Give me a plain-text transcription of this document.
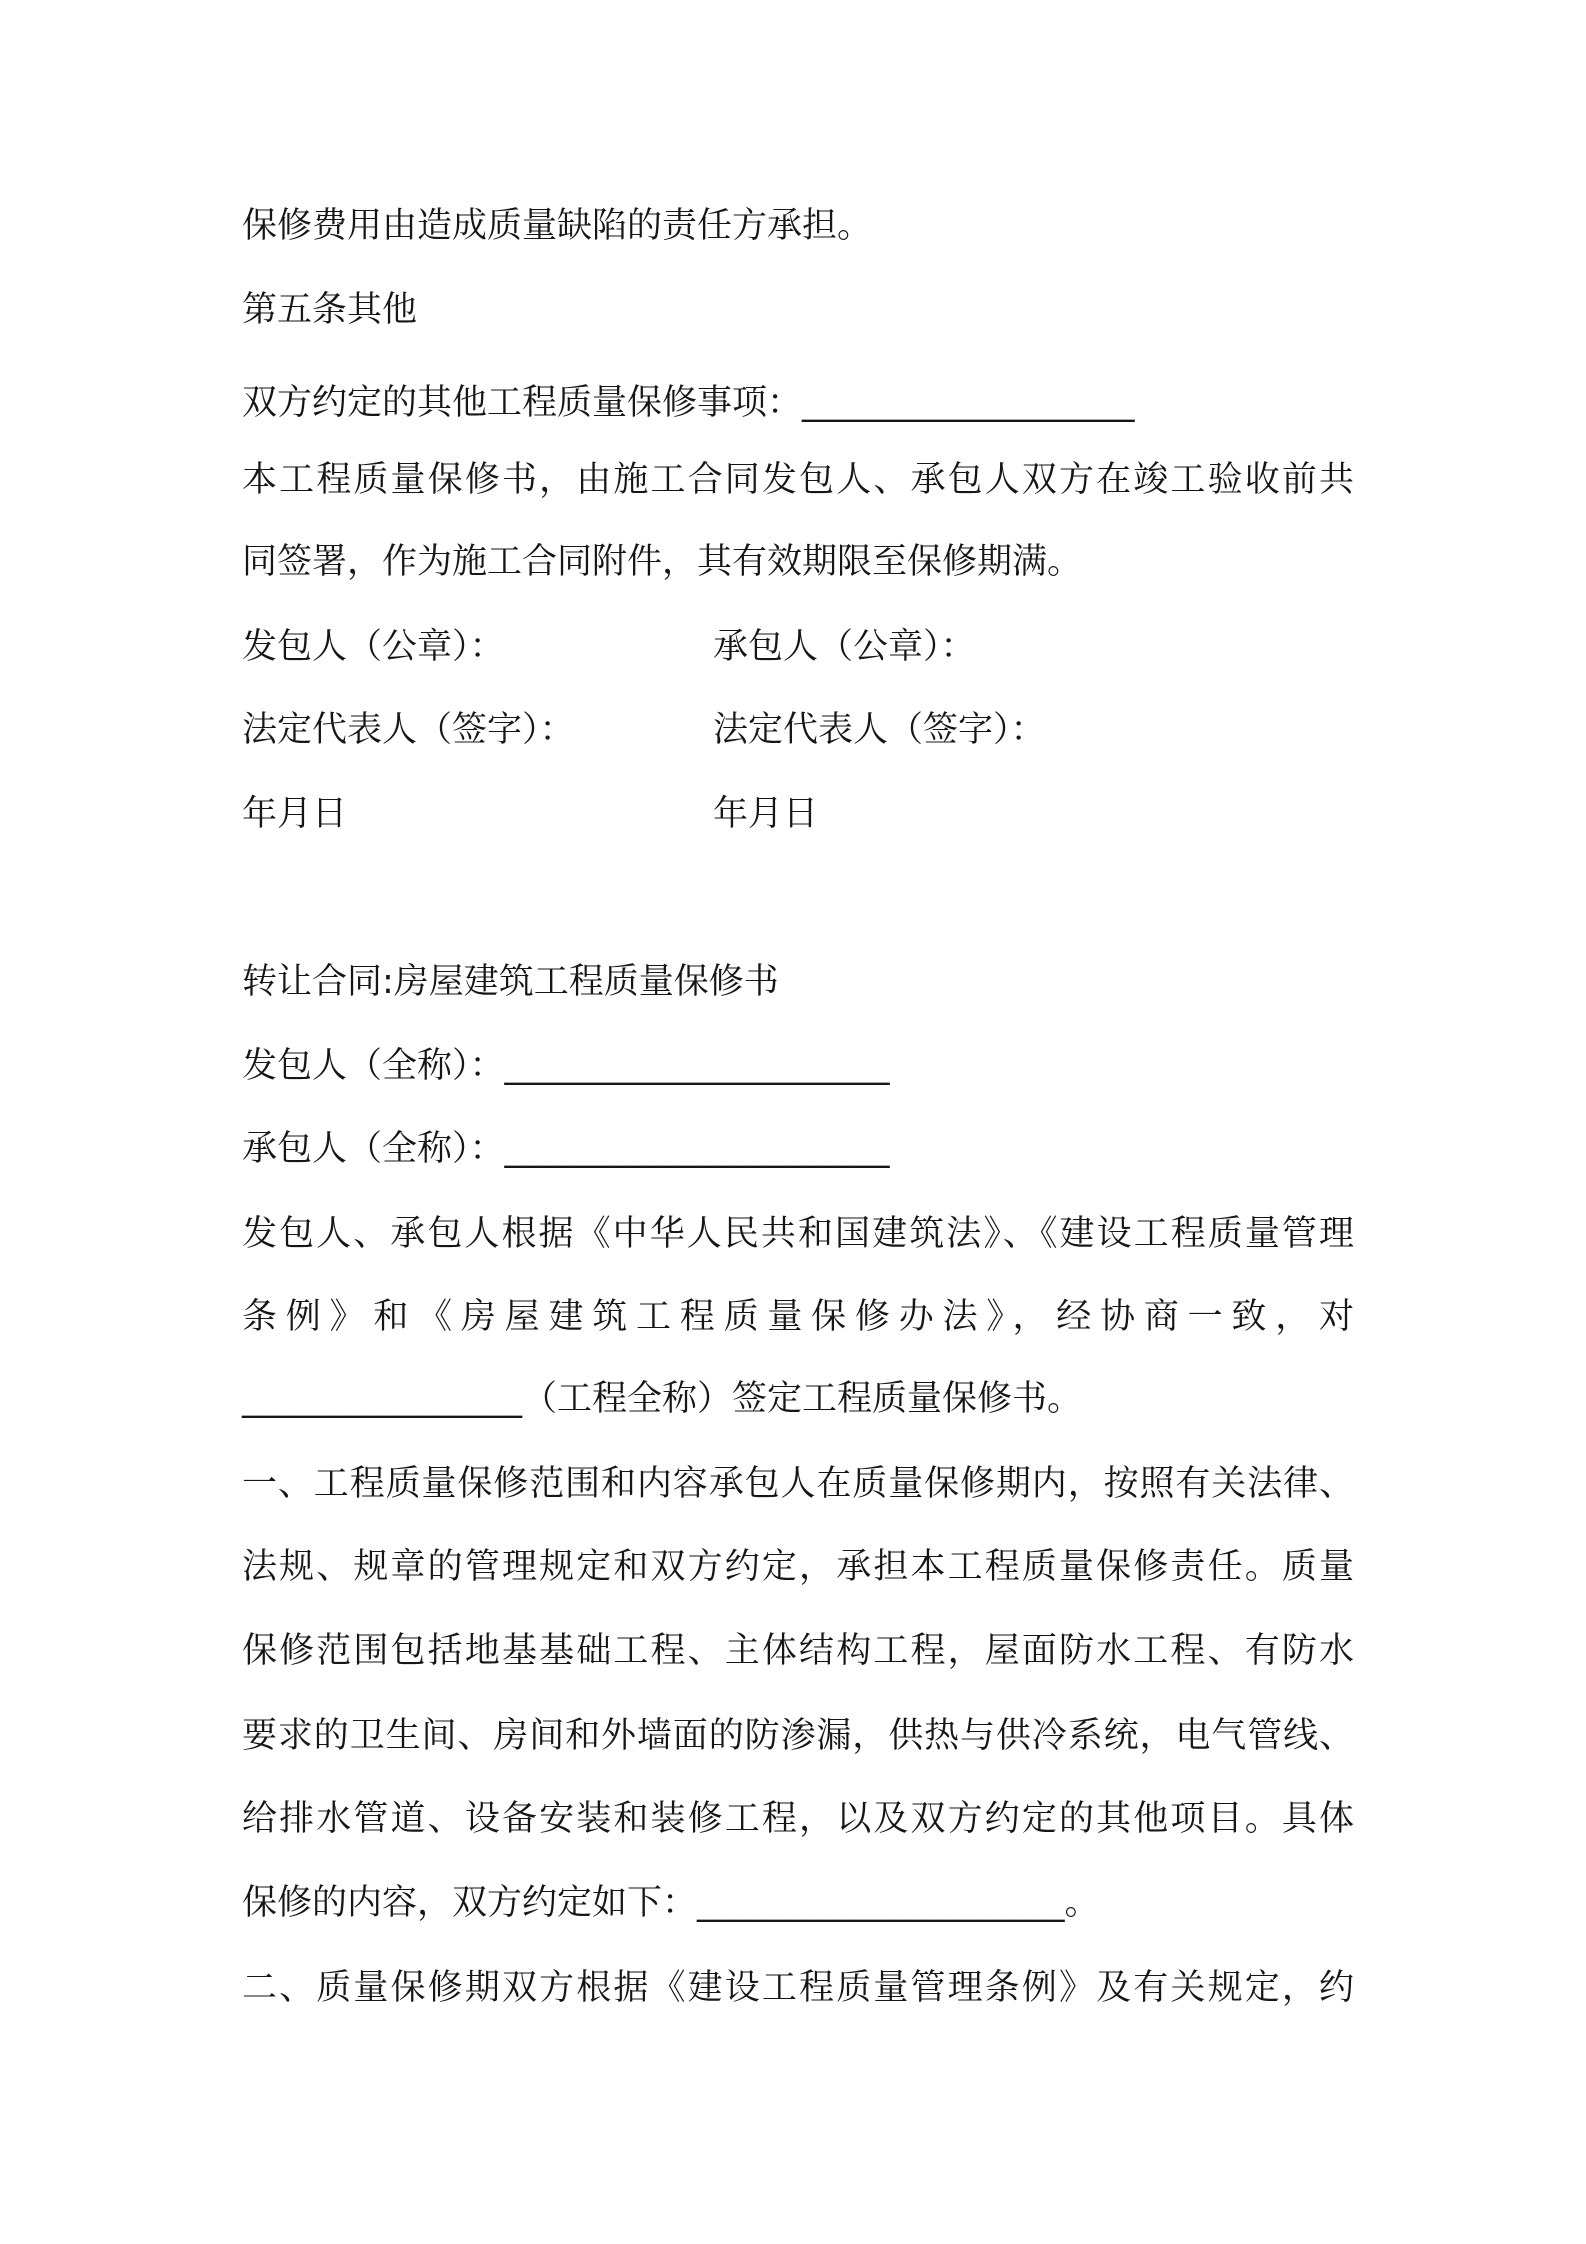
保修费用由造成质量缺陷的责任方承担。
第五条其他
双方约定的其他工程质量保修事项：___________________
本工程质量保修书，由施工合同发包人、承包人双方在竣工验收前共
同签署，作为施工合同附件，其有效期限至保修期满。
发包人（公章）：	承包人（公章）：
法定代表人（签字）：	法定代表人（签字）：
年月日	年月日
转让合同:房屋建筑工程质量保修书
发包人（全称）：______________________
承包人（全称）：______________________
发包人、承包人根据《中华人民共和国建筑法》、《建设工程质量管理
条例》和《房屋建筑工程质量保修办法》，经协商一致，对
________________（工程全称）签定工程质量保修书。
一、工程质量保修范围和内容承包人在质量保修期内，按照有关法律、
法规、规章的管理规定和双方约定，承担本工程质量保修责任。质量
保修范围包括地基基础工程、主体结构工程，屋面防水工程、有防水
要求的卫生间、房间和外墙面的防渗漏，供热与供冷系统，电气管线、
给排水管道、设备安装和装修工程，以及双方约定的其他项目。具体
保修的内容，双方约定如下：_____________________。
二、质量保修期双方根据《建设工程质量管理条例》及有关规定，约
